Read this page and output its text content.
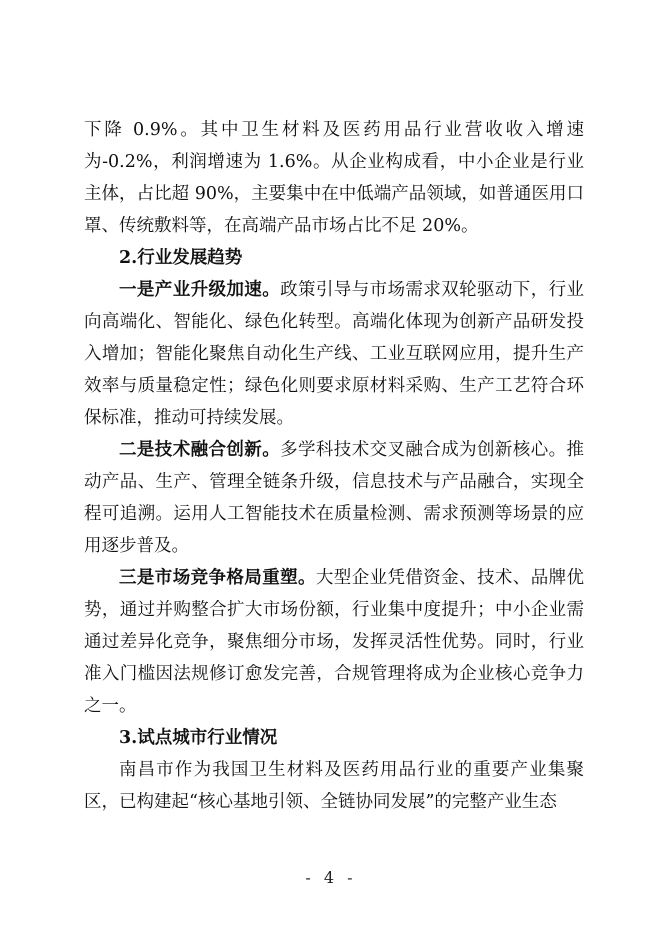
下降 0.9%。其中卫生材料及医药用品行业营收收入增速为-0.2%，利润增速为 1.6%。从企业构成看，中小企业是行业主体，占比超 90%，主要集中在中低端产品领域，如普通医用口罩、传统敷料等，在高端产品市场占比不足 20%。

2.行业发展趋势

一是产业升级加速。政策引导与市场需求双轮驱动下，行业向高端化、智能化、绿色化转型。高端化体现为创新产品研发投入增加；智能化聚焦自动化生产线、工业互联网应用，提升生产效率与质量稳定性；绿色化则要求原材料采购、生产工艺符合环保标准，推动可持续发展。

二是技术融合创新。多学科技术交叉融合成为创新核心。推动产品、生产、管理全链条升级，信息技术与产品融合，实现全程可追溯。运用人工智能技术在质量检测、需求预测等场景的应用逐步普及。

三是市场竞争格局重塑。大型企业凭借资金、技术、品牌优势，通过并购整合扩大市场份额，行业集中度提升；中小企业需通过差异化竞争，聚焦细分市场，发挥灵活性优势。同时，行业准入门槛因法规修订愈发完善，合规管理将成为企业核心竞争力之一。

3.试点城市行业情况

南昌市作为我国卫生材料及医药用品行业的重要产业集聚区，已构建起“核心基地引领、全链协同发展”的完整产业生态

- 4 -
